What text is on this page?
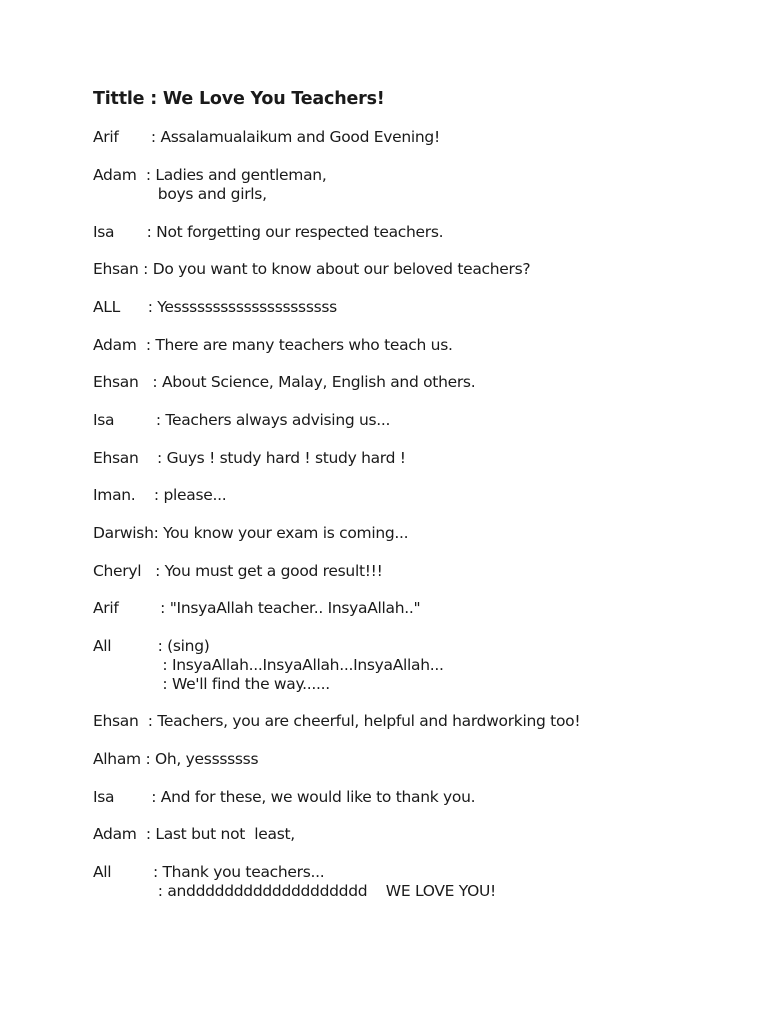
Tittle : We Love You Teachers!
Arif       : Assalamualaikum and Good Evening!
Adam  : Ladies and gentleman,
boys and girls,
Isa       : Not forgetting our respected teachers.
Ehsan : Do you want to know about our beloved teachers?
ALL      : Yesssssssssssssssssssss
Adam  : There are many teachers who teach us.
Ehsan   : About Science, Malay, English and others.
Isa         : Teachers always advising us...
Ehsan    : Guys ! study hard ! study hard !
Iman.    : please...
Darwish: You know your exam is coming...
Cheryl   : You must get a good result!!!
Arif         : "InsyaAllah teacher.. InsyaAllah.."
All          : (sing)
: InsyaAllah...InsyaAllah...InsyaAllah...
: We'll find the way......
Ehsan  : Teachers, you are cheerful, helpful and hardworking too!
Alham : Oh, yesssssss
Isa        : And for these, we would like to thank you.
Adam  : Last but not  least,
All         : Thank you teachers...
: anddddddddddddddddddd    WE LOVE YOU!
